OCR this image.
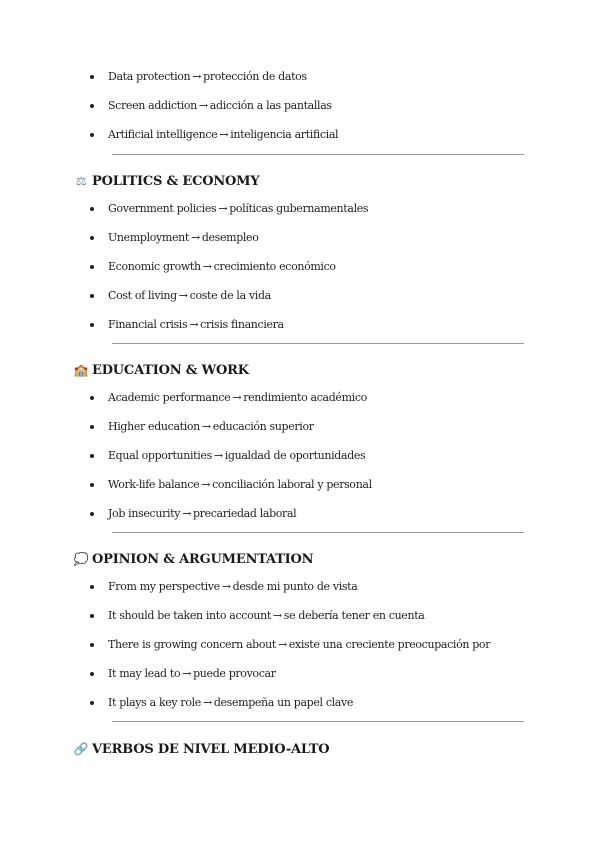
Data protection → protección de datos
Screen addiction → adicción a las pantallas
Artificial intelligence → inteligencia artificial
⚖ POLITICS & ECONOMY
Government policies → políticas gubernamentales
Unemployment → desempleo
Economic growth → crecimiento económico
Cost of living → coste de la vida
Financial crisis → crisis financiera
🏫 EDUCATION & WORK
Academic performance → rendimiento académico
Higher education → educación superior
Equal opportunities → igualdad de oportunidades
Work-life balance → conciliación laboral y personal
Job insecurity → precariedad laboral
💭 OPINION & ARGUMENTATION
From my perspective → desde mi punto de vista
It should be taken into account → se debería tener en cuenta
There is growing concern about → existe una creciente preocupación por
It may lead to → puede provocar
It plays a key role → desempeña un papel clave
🔗 VERBOS DE NIVEL MEDIO-ALTO
